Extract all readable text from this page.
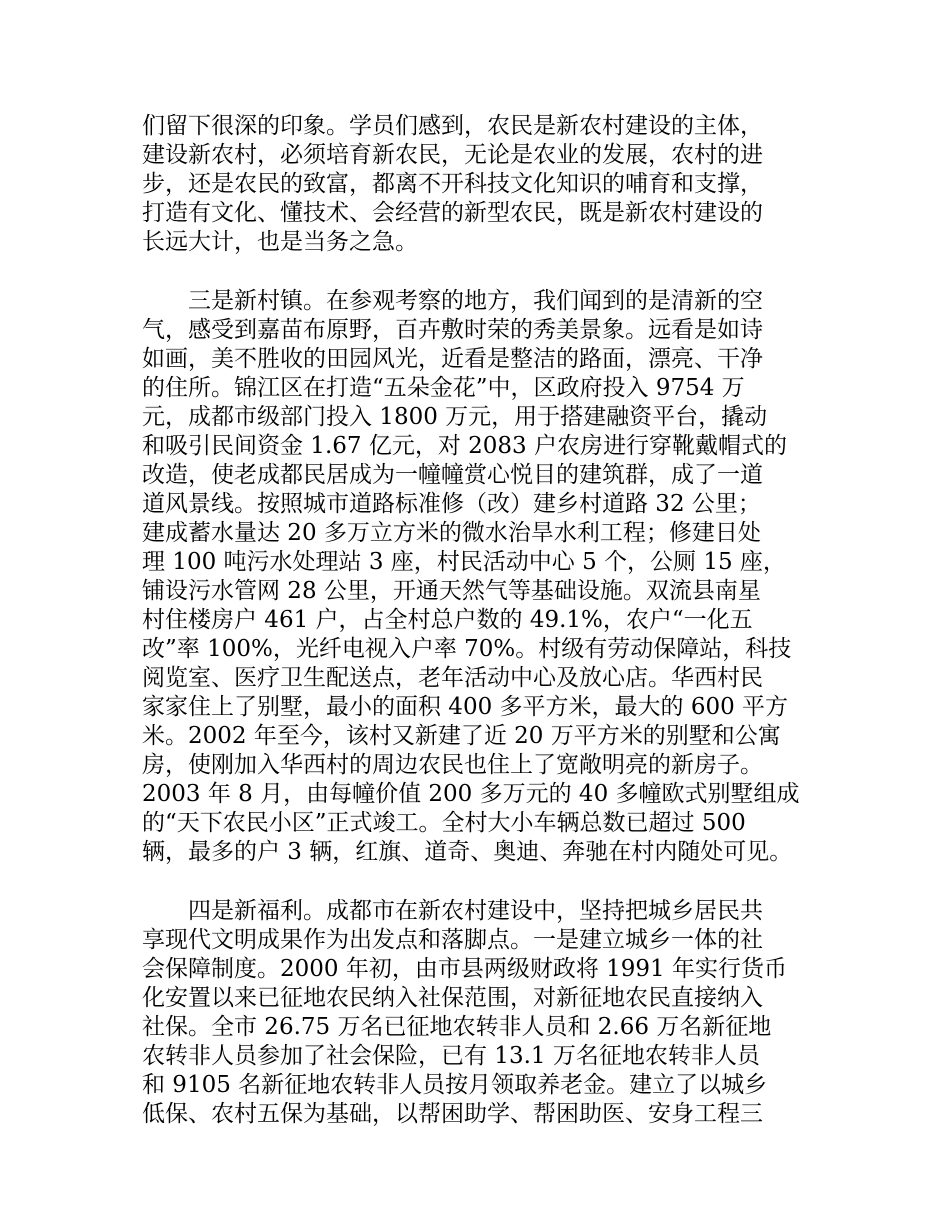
们留下很深的印象。学员们感到，农民是新农村建设的主体，
建设新农村，必须培育新农民，无论是农业的发展，农村的进
步，还是农民的致富，都离不开科技文化知识的哺育和支撑，
打造有文化、懂技术、会经营的新型农民，既是新农村建设的
长远大计，也是当务之急。

　　三是新村镇。在参观考察的地方，我们闻到的是清新的空
气，感受到嘉苗布原野，百卉敷时荣的秀美景象。远看是如诗
如画，美不胜收的田园风光，近看是整洁的路面，漂亮、干净
的住所。锦江区在打造“五朵金花”中，区政府投入 9754 万
元，成都市级部门投入 1800 万元，用于搭建融资平台，撬动
和吸引民间资金 1.67 亿元，对 2083 户农房进行穿靴戴帽式的
改造，使老成都民居成为一幢幢赏心悦目的建筑群，成了一道
道风景线。按照城市道路标准修（改）建乡村道路 32 公里；
建成蓄水量达 20 多万立方米的微水治旱水利工程；修建日处
理 100 吨污水处理站 3 座，村民活动中心 5 个，公厕 15 座，
铺设污水管网 28 公里，开通天然气等基础设施。双流县南星
村住楼房户 461 户，占全村总户数的 49.1%，农户“一化五
改”率 100%，光纤电视入户率 70%。村级有劳动保障站，科技
阅览室、医疗卫生配送点，老年活动中心及放心店。华西村民
家家住上了别墅，最小的面积 400 多平方米，最大的 600 平方
米。2002 年至今，该村又新建了近 20 万平方米的别墅和公寓
房，使刚加入华西村的周边农民也住上了宽敞明亮的新房子。
2003 年 8 月，由每幢价值 200 多万元的 40 多幢欧式别墅组成
的“天下农民小区”正式竣工。全村大小车辆总数已超过 500
辆，最多的户 3 辆，红旗、道奇、奥迪、奔驰在村内随处可见。

　　四是新福利。成都市在新农村建设中，坚持把城乡居民共
享现代文明成果作为出发点和落脚点。一是建立城乡一体的社
会保障制度。2000 年初，由市县两级财政将 1991 年实行货币
化安置以来已征地农民纳入社保范围，对新征地农民直接纳入
社保。全市 26.75 万名已征地农转非人员和 2.66 万名新征地
农转非人员参加了社会保险，已有 13.1 万名征地农转非人员
和 9105 名新征地农转非人员按月领取养老金。建立了以城乡
低保、农村五保为基础，以帮困助学、帮困助医、安身工程三
